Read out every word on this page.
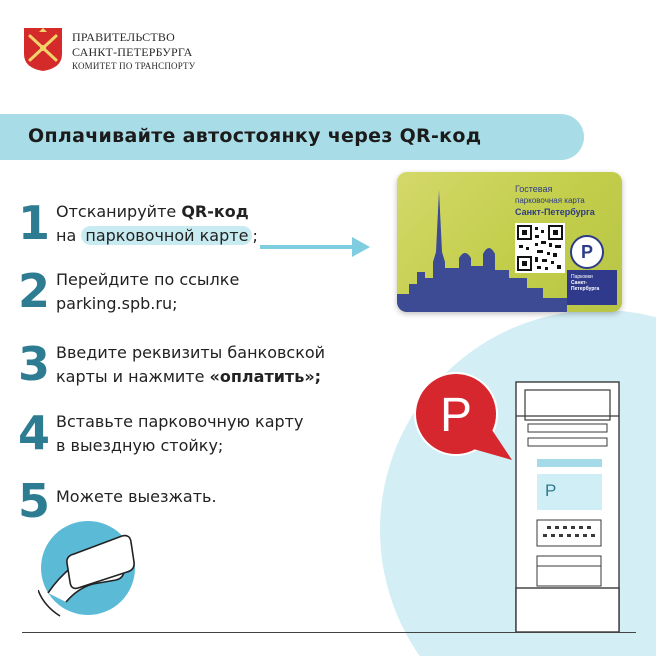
ПРАВИТЕЛЬСТВО
САНКТ-ПЕТЕРБУРГА
КОМИТЕТ ПО ТРАНСПОРТУ
Оплачивайте автостоянку через QR-код
1 Отсканируйте QR-код
на парковочной карте ;
2 Перейдите по ссылке
parking.spb.ru;
3 Введите реквизиты банковской
карты и нажмите «оплатить»;
4 Вставьте парковочную карту
в выездную стойку;
5 Можете выезжать.
Гостевая
парковочная карта
Санкт-Петербурга
P
Парковки
Санкт-
Петербурга
P
P
